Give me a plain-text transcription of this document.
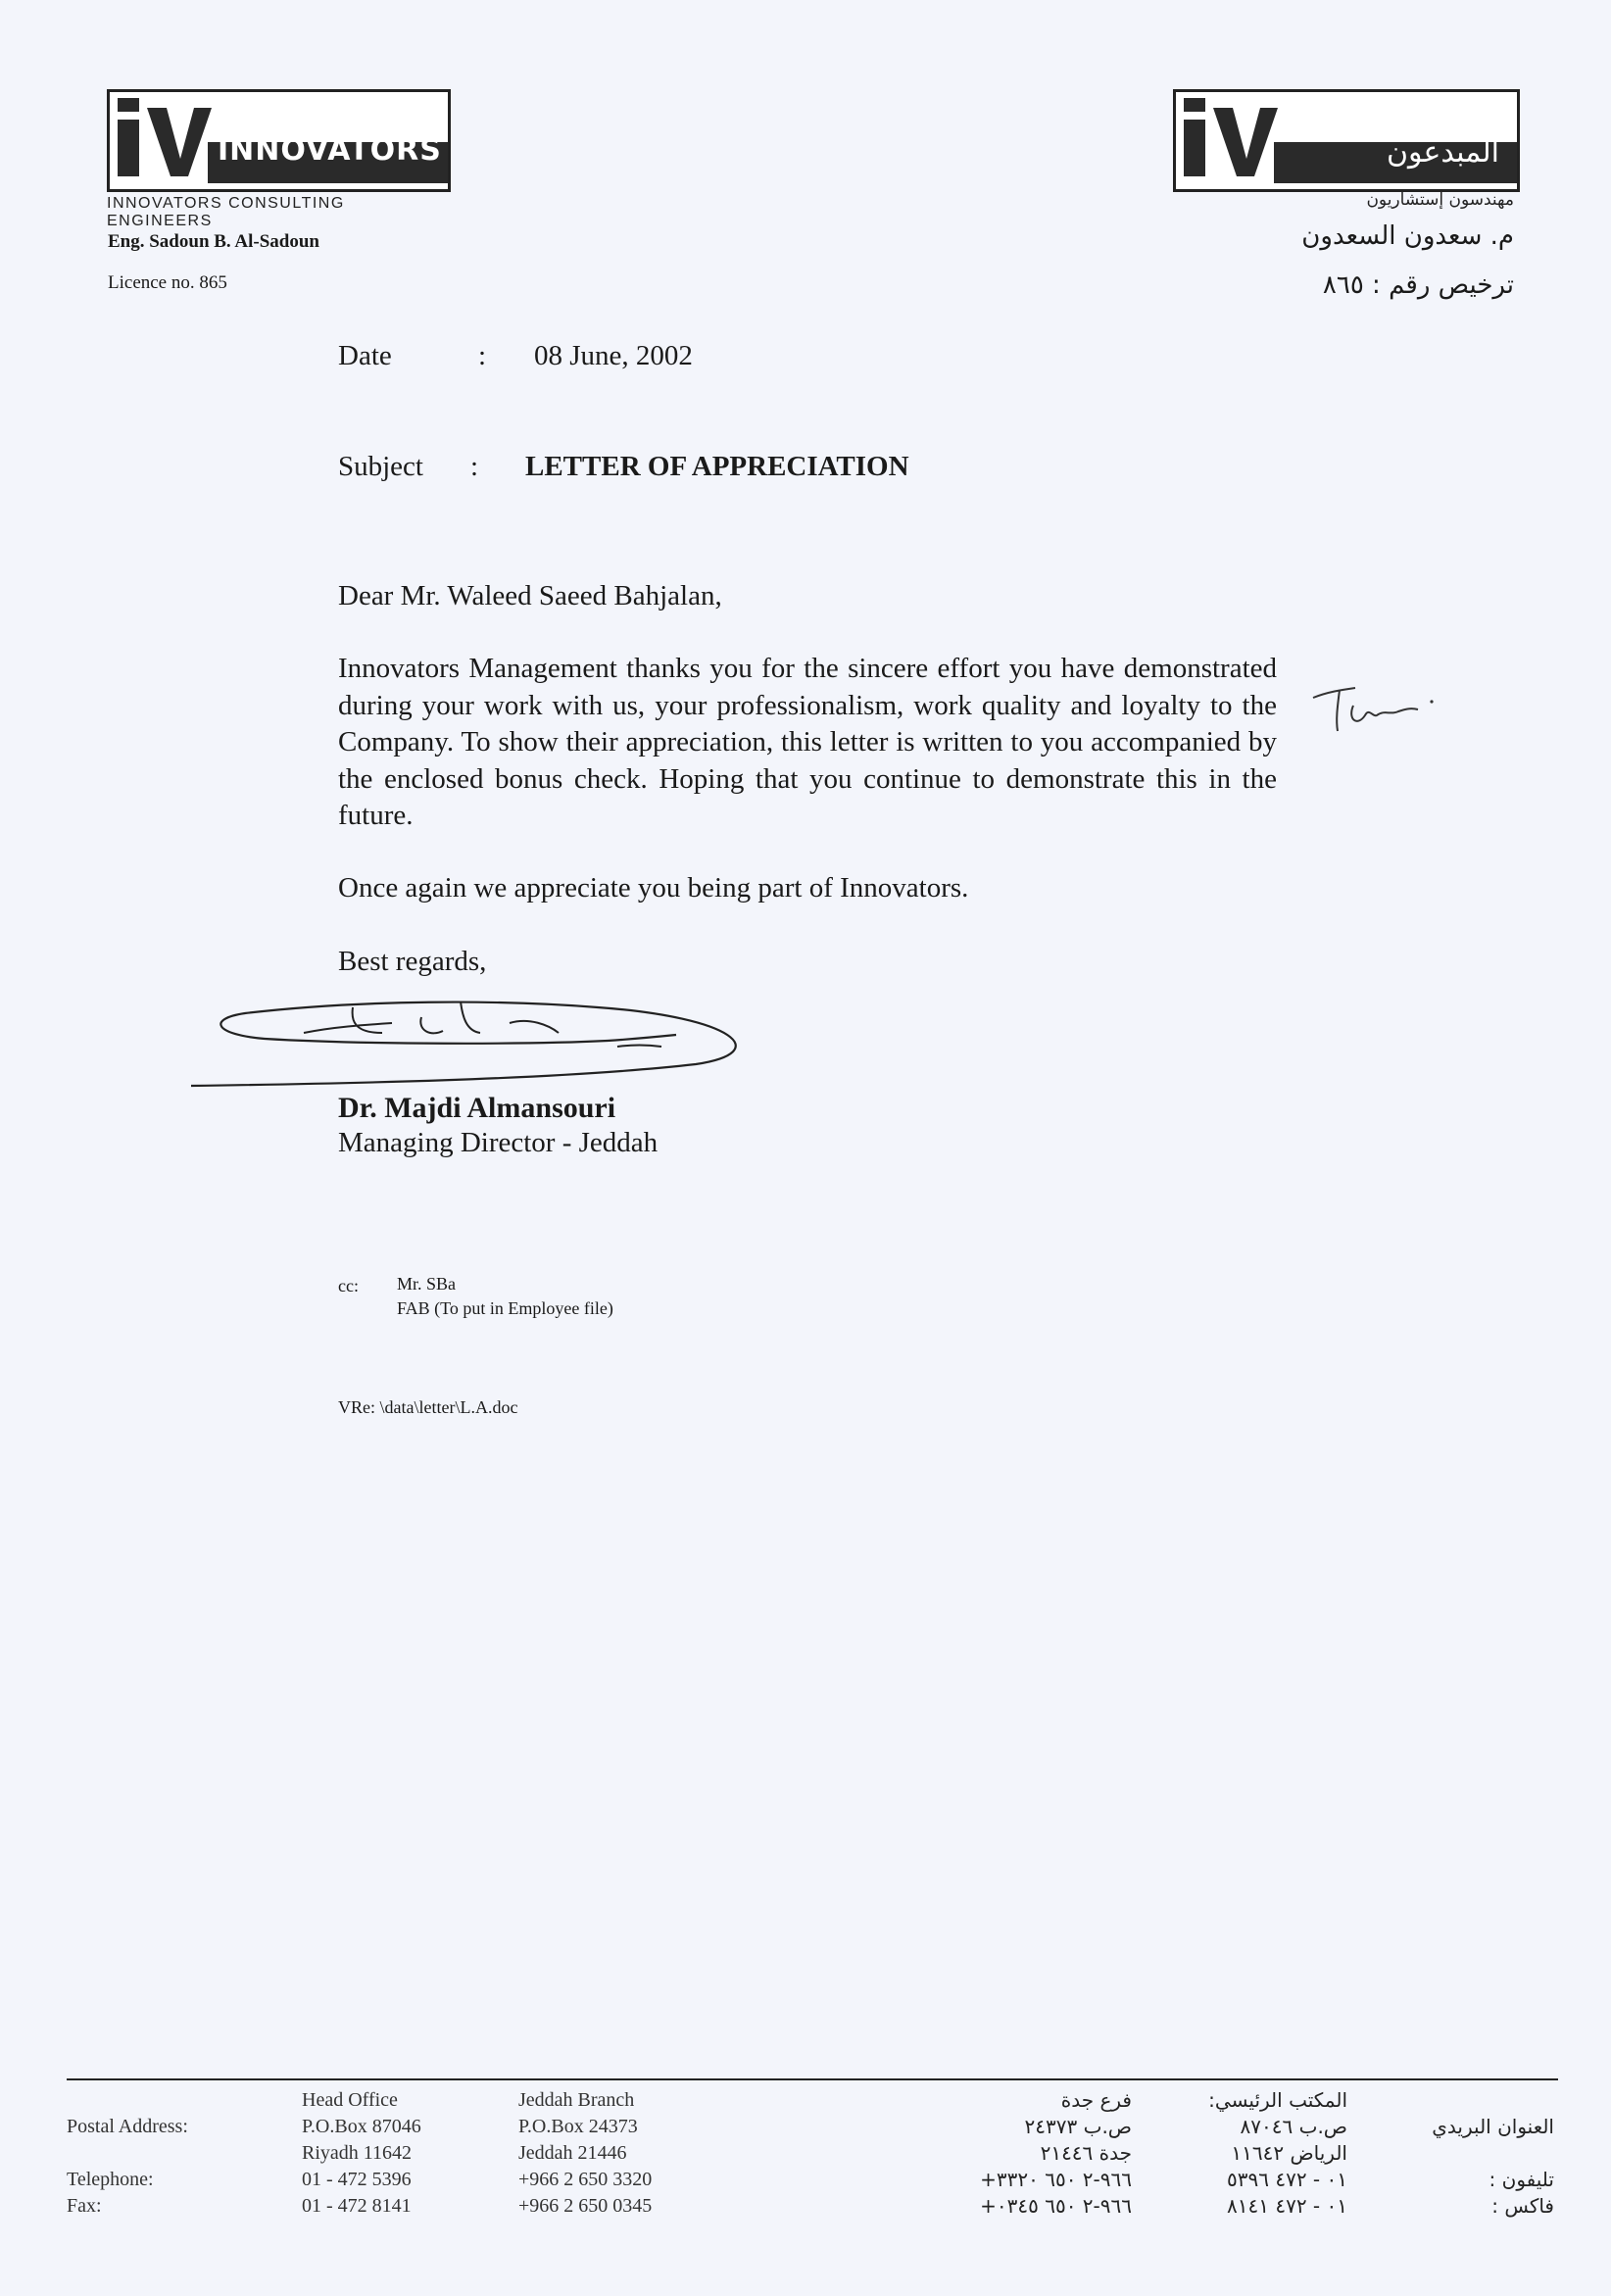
INNOVATORS
INNOVATORS CONSULTING ENGINEERS
Eng. Sadoun B. Al-Sadoun
Licence no. 865
المبدعون
مهندسون إستشاريون
م. سعدون السعدون
ترخيص رقم : ٨٦٥
Date	: 08 June, 2002
Subject : LETTER OF APPRECIATION
Dear Mr. Waleed Saeed Bahjalan,
Innovators Management thanks you for the sincere effort you have demonstrated during your work with us, your professionalism, work quality and loyalty to the Company. To show their appreciation, this letter is written to you accompanied by the enclosed bonus check. Hoping that you continue to demonstrate this in the future.
Once again we appreciate you being part of Innovators.
Best regards,
Dr. Majdi Almansouri
Managing Director - Jeddah
cc: Mr. SBa
FAB (To put in Employee file)
VRe: \data\letter\L.A.doc
Postal Address:
Telephone:
Fax:
Head Office
P.O.Box 87046
Riyadh 11642
01 - 472 5396
01 - 472 8141
Jeddah Branch
P.O.Box 24373
Jeddah 21446
+966 2 650 3320
+966 2 650 0345
فرع جدة
ص.ب ٢٤٣٧٣
جدة ٢١٤٤٦
+٩٦٦-٢ ٦٥٠ ٣٣٢٠
+٩٦٦-٢ ٦٥٠ ٠٣٤٥
المكتب الرئيسي:
ص.ب ٨٧٠٤٦
الرياض ١١٦٤٢
٠١ - ٤٧٢ ٥٣٩٦
٠١ - ٤٧٢ ٨١٤١
العنوان البريدي
تليفون :
فاكس :
